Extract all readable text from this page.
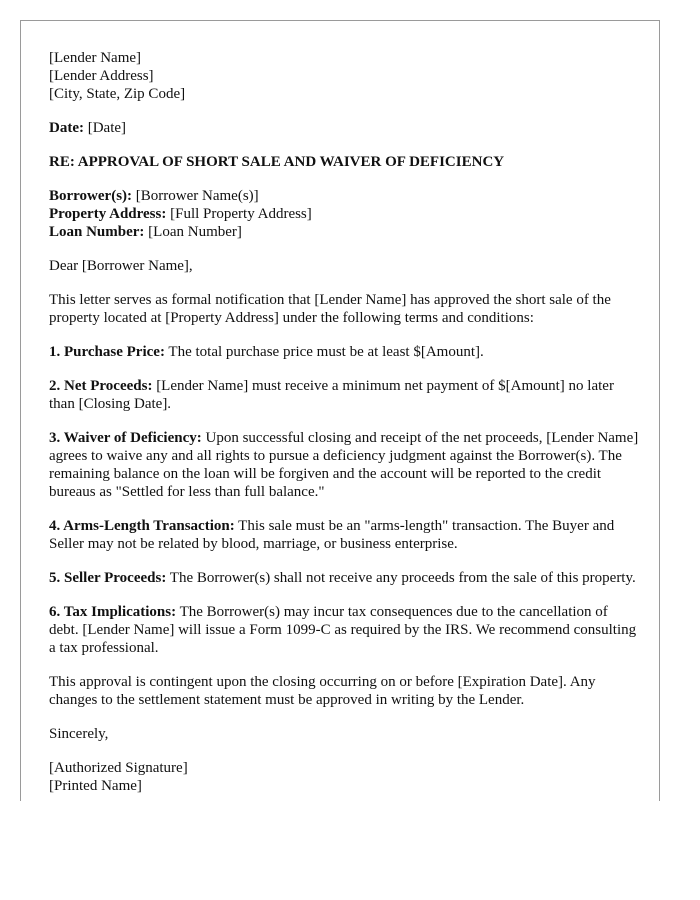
[Lender Name]
[Lender Address]
[City, State, Zip Code]

Date: [Date]

RE: APPROVAL OF SHORT SALE AND WAIVER OF DEFICIENCY

Borrower(s): [Borrower Name(s)]
Property Address: [Full Property Address]
Loan Number: [Loan Number]

Dear [Borrower Name],

This letter serves as formal notification that [Lender Name] has approved the short sale of the property located at [Property Address] under the following terms and conditions:

1. Purchase Price: The total purchase price must be at least $[Amount].

2. Net Proceeds: [Lender Name] must receive a minimum net payment of $[Amount] no later than [Closing Date].

3. Waiver of Deficiency: Upon successful closing and receipt of the net proceeds, [Lender Name] agrees to waive any and all rights to pursue a deficiency judgment against the Borrower(s). The remaining balance on the loan will be forgiven and the account will be reported to the credit bureaus as "Settled for less than full balance."

4. Arms-Length Transaction: This sale must be an "arms-length" transaction. The Buyer and Seller may not be related by blood, marriage, or business enterprise.

5. Seller Proceeds: The Borrower(s) shall not receive any proceeds from the sale of this property.

6. Tax Implications: The Borrower(s) may incur tax consequences due to the cancellation of debt. [Lender Name] will issue a Form 1099-C as required by the IRS. We recommend consulting a tax professional.

This approval is contingent upon the closing occurring on or before [Expiration Date]. Any changes to the settlement statement must be approved in writing by the Lender.

Sincerely,

[Authorized Signature]
[Printed Name]
